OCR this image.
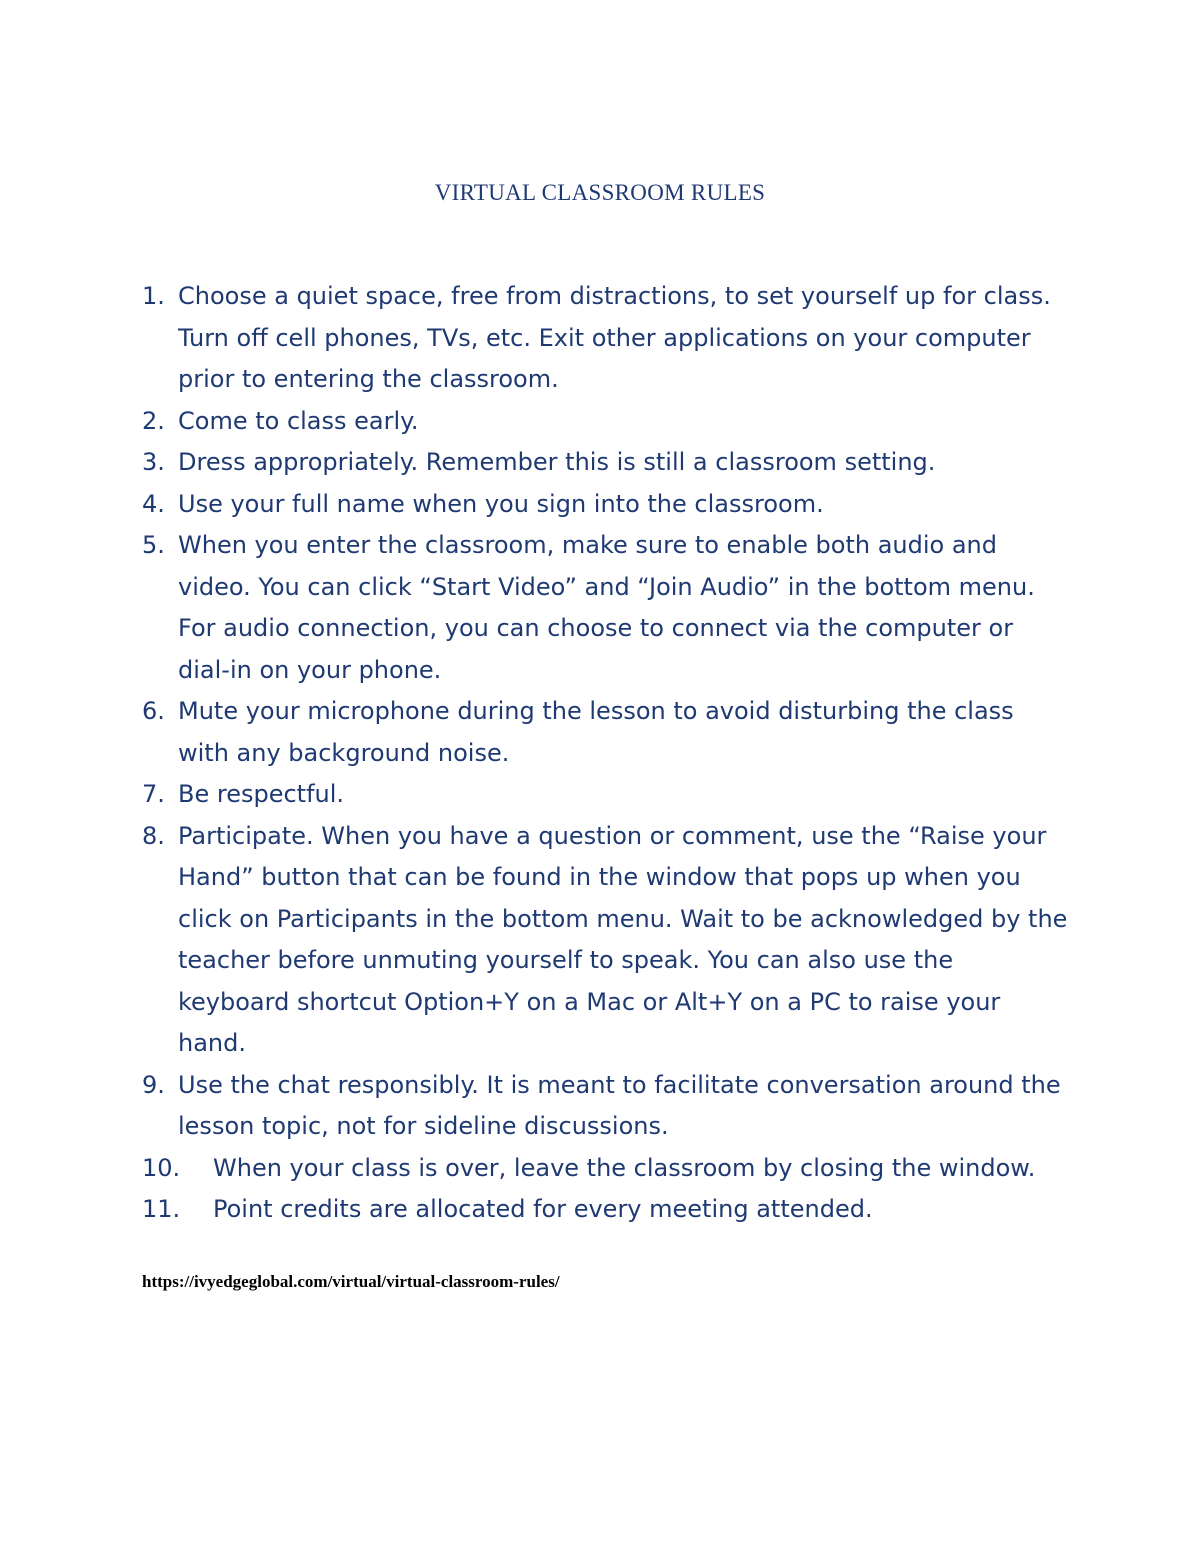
VIRTUAL CLASSROOM RULES
1. Choose a quiet space, free from distractions, to set yourself up for class. Turn off cell phones, TVs, etc. Exit other applications on your computer prior to entering the classroom.
2. Come to class early.
3. Dress appropriately. Remember this is still a classroom setting.
4. Use your full name when you sign into the classroom.
5. When you enter the classroom, make sure to enable both audio and video. You can click “Start Video” and “Join Audio” in the bottom menu. For audio connection, you can choose to connect via the computer or dial-in on your phone.
6. Mute your microphone during the lesson to avoid disturbing the class with any background noise.
7. Be respectful.
8. Participate. When you have a question or comment, use the “Raise your Hand” button that can be found in the window that pops up when you click on Participants in the bottom menu. Wait to be acknowledged by the teacher before unmuting yourself to speak. You can also use the keyboard shortcut Option+Y on a Mac or Alt+Y on a PC to raise your hand.
9. Use the chat responsibly. It is meant to facilitate conversation around the lesson topic, not for sideline discussions.
10. When your class is over, leave the classroom by closing the window.
11. Point credits are allocated for every meeting attended.

https://ivyedgeglobal.com/virtual/virtual-classroom-rules/
